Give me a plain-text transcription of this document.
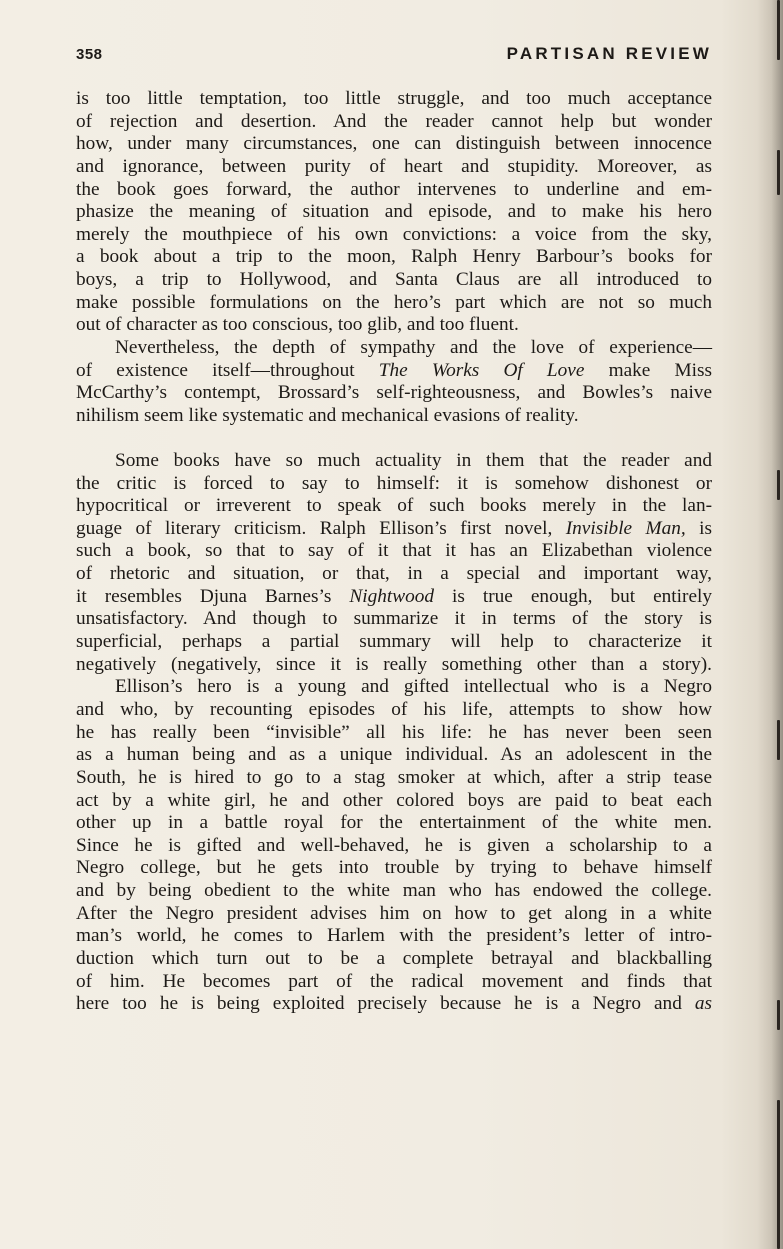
358	PARTISAN REVIEW
is too little temptation, too little struggle, and too much acceptance
of rejection and desertion. And the reader cannot help but wonder
how, under many circumstances, one can distinguish between innocence
and ignorance, between purity of heart and stupidity. Moreover, as
the book goes forward, the author intervenes to underline and em-
phasize the meaning of situation and episode, and to make his hero
merely the mouthpiece of his own convictions: a voice from the sky,
a book about a trip to the moon, Ralph Henry Barbour’s books for
boys, a trip to Hollywood, and Santa Claus are all introduced to
make possible formulations on the hero’s part which are not so much
out of character as too conscious, too glib, and too fluent.
Nevertheless, the depth of sympathy and the love of experience—
of existence itself—throughout The Works Of Love make Miss
McCarthy’s contempt, Brossard’s self-righteousness, and Bowles’s naive
nihilism seem like systematic and mechanical evasions of reality.
Some books have so much actuality in them that the reader and
the critic is forced to say to himself: it is somehow dishonest or
hypocritical or irreverent to speak of such books merely in the lan-
guage of literary criticism. Ralph Ellison’s first novel, Invisible Man, is
such a book, so that to say of it that it has an Elizabethan violence
of rhetoric and situation, or that, in a special and important way,
it resembles Djuna Barnes’s Nightwood is true enough, but entirely
unsatisfactory. And though to summarize it in terms of the story is
superficial, perhaps a partial summary will help to characterize it
negatively (negatively, since it is really something other than a story).
Ellison’s hero is a young and gifted intellectual who is a Negro
and who, by recounting episodes of his life, attempts to show how
he has really been “invisible” all his life: he has never been seen
as a human being and as a unique individual. As an adolescent in the
South, he is hired to go to a stag smoker at which, after a strip tease
act by a white girl, he and other colored boys are paid to beat each
other up in a battle royal for the entertainment of the white men.
Since he is gifted and well-behaved, he is given a scholarship to a
Negro college, but he gets into trouble by trying to behave himself
and by being obedient to the white man who has endowed the college.
After the Negro president advises him on how to get along in a white
man’s world, he comes to Harlem with the president’s letter of intro-
duction which turn out to be a complete betrayal and blackballing
of him. He becomes part of the radical movement and finds that
here too he is being exploited precisely because he is a Negro and as
